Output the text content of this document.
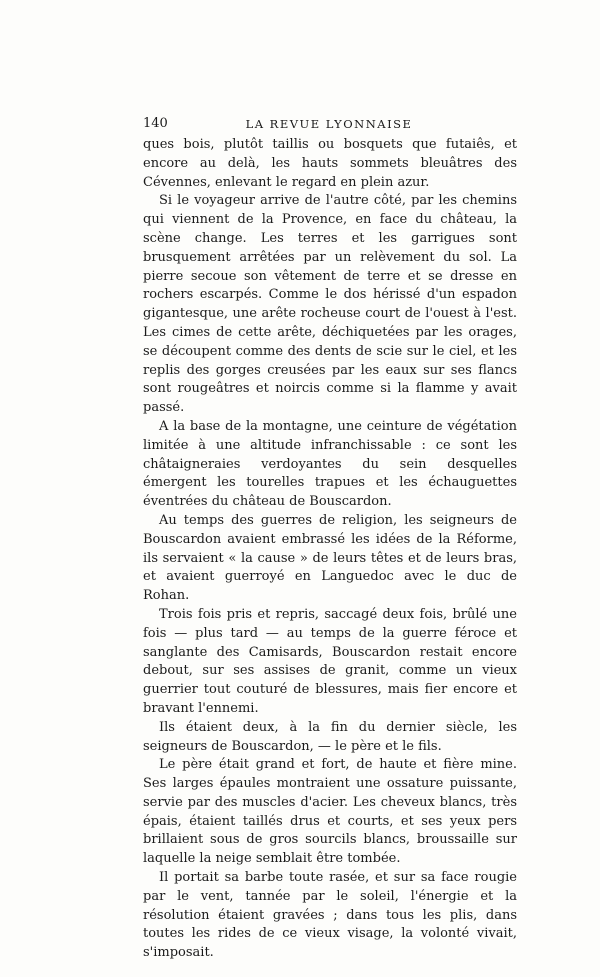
140	LA REVUE LYONNAISE

ques bois, plutôt taillis ou bosquets que futaiês, et encore au delà, les hauts sommets bleuâtres des Cévennes, enlevant le regard en plein azur.

Si le voyageur arrive de l'autre côté, par les chemins qui viennent de la Provence, en face du château, la scène change. Les terres et les garrigues sont brusquement arrêtées par un relèvement du sol. La pierre secoue son vêtement de terre et se dresse en rochers escarpés. Comme le dos hérissé d'un espadon gigantesque, une arête rocheuse court de l'ouest à l'est. Les cimes de cette arête, déchiquetées par les orages, se découpent comme des dents de scie sur le ciel, et les replis des gorges creusées par les eaux sur ses flancs sont rougeâtres et noircis comme si la flamme y avait passé.

A la base de la montagne, une ceinture de végétation limitée à une altitude infranchissable : ce sont les châtaigneraies verdoyantes du sein desquelles émergent les tourelles trapues et les échauguettes éventrées du château de Bouscardon.

Au temps des guerres de religion, les seigneurs de Bouscardon avaient embrassé les idées de la Réforme, ils servaient « la cause » de leurs têtes et de leurs bras, et avaient guerroyé en Languedoc avec le duc de Rohan.

Trois fois pris et repris, saccagé deux fois, brûlé une fois — plus tard — au temps de la guerre féroce et sanglante des Camisards, Bouscardon restait encore debout, sur ses assises de granit, comme un vieux guerrier tout couturé de blessures, mais fier encore et bravant l'ennemi.

Ils étaient deux, à la fin du dernier siècle, les seigneurs de Bouscardon, — le père et le fils.

Le père était grand et fort, de haute et fière mine. Ses larges épaules montraient une ossature puissante, servie par des muscles d'acier. Les cheveux blancs, très épais, étaient taillés drus et courts, et ses yeux pers brillaient sous de gros sourcils blancs, broussaille sur laquelle la neige semblait être tombée.

Il portait sa barbe toute rasée, et sur sa face rougie par le vent, tannée par le soleil, l'énergie et la résolution étaient gravées ; dans tous les plis, dans toutes les rides de ce vieux visage, la volonté vivait, s'imposait.
